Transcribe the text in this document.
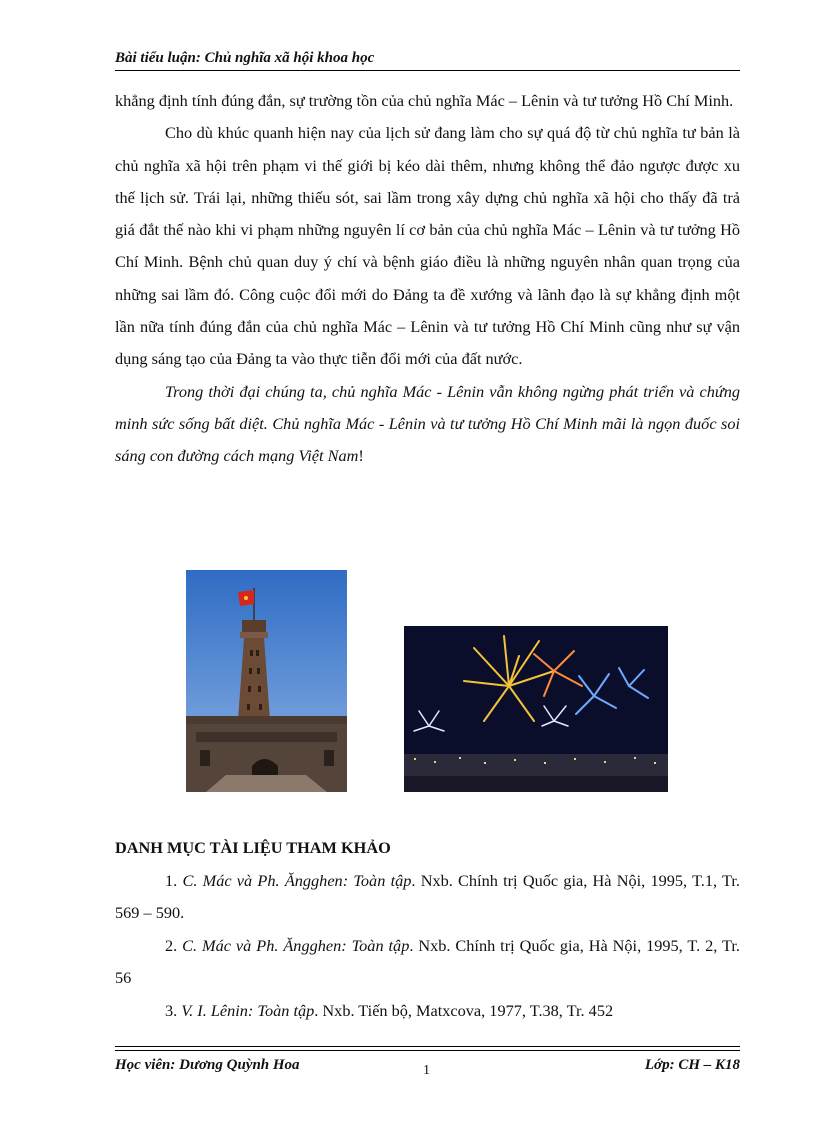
Bài tiểu luận: Chủ nghĩa xã hội khoa học

khẳng định tính đúng đắn, sự trường tồn của chủ nghĩa Mác – Lênin và tư tưởng Hồ Chí Minh.

Cho dù khúc quanh hiện nay của lịch sử đang làm cho sự quá độ từ chủ nghĩa tư bản là chủ nghĩa xã hội trên phạm vi thế giới bị kéo dài thêm, nhưng không thể đảo ngược được xu thế lịch sử. Trái lại, những thiếu sót, sai lầm trong xây dựng chủ nghĩa xã hội cho thấy đã trả giá đắt thế nào khi vi phạm những nguyên lí cơ bản của chủ nghĩa Mác – Lênin và tư tưởng Hồ Chí Minh. Bệnh chủ quan duy ý chí và bệnh giáo điều là những nguyên nhân quan trọng của những sai lầm đó. Công cuộc đổi mới do Đảng ta đề xướng và lãnh đạo là sự khẳng định một lần nữa tính đúng đắn của chủ nghĩa Mác – Lênin và tư tưởng Hồ Chí Minh cũng như sự vận dụng sáng tạo của Đảng ta vào thực tiễn đổi mới của đất nước.

Trong thời đại chúng ta, chủ nghĩa Mác - Lênin vẫn không ngừng phát triển và chứng minh sức sống bất diệt. Chủ nghĩa Mác - Lênin và tư tưởng Hồ Chí Minh mãi là ngọn đuốc soi sáng con đường cách mạng Việt Nam!

DANH MỤC TÀI LIỆU THAM KHẢO

1. C. Mác và Ph. Ăngghen: Toàn tập. Nxb. Chính trị Quốc gia, Hà Nội, 1995, T.1, Tr. 569 – 590.

2. C. Mác và Ph. Ăngghen: Toàn tập. Nxb. Chính trị Quốc gia, Hà Nội, 1995, T. 2, Tr. 56

3. V. I. Lênin: Toàn tập. Nxb. Tiến bộ, Matxcova, 1977, T.38, Tr. 452

Học viên: Dương Quỳnh Hoa	1	Lớp: CH – K18
